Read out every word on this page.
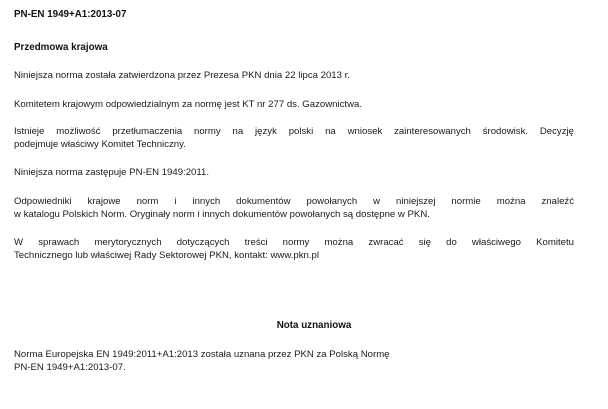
PN-EN 1949+A1:2013-07
Przedmowa krajowa

Niniejsza norma została zatwierdzona przez Prezesa PKN dnia 22 lipca 2013 r.

Komitetem krajowym odpowiedzialnym za normę jest KT nr 277 ds. Gazownictwa.

Istnieje możliwość przetłumaczenia normy na język polski na wniosek zainteresowanych środowisk. Decyzję
podejmuje właściwy Komitet Techniczny.

Niniejsza norma zastępuje PN-EN 1949:2011.

Odpowiedniki krajowe norm i innych dokumentów powołanych w niniejszej normie można znaleźć
w katalogu Polskich Norm. Oryginały norm i innych dokumentów powołanych są dostępne w PKN.

W sprawach merytorycznych dotyczących treści normy można zwracać się do właściwego Komitetu
Technicznego lub właściwej Rady Sektorowej PKN, kontakt: www.pkn.pl

Nota uznaniowa

Norma Europejska EN 1949:2011+A1:2013 została uznana przez PKN za Polską Normę
PN-EN 1949+A1:2013-07.
